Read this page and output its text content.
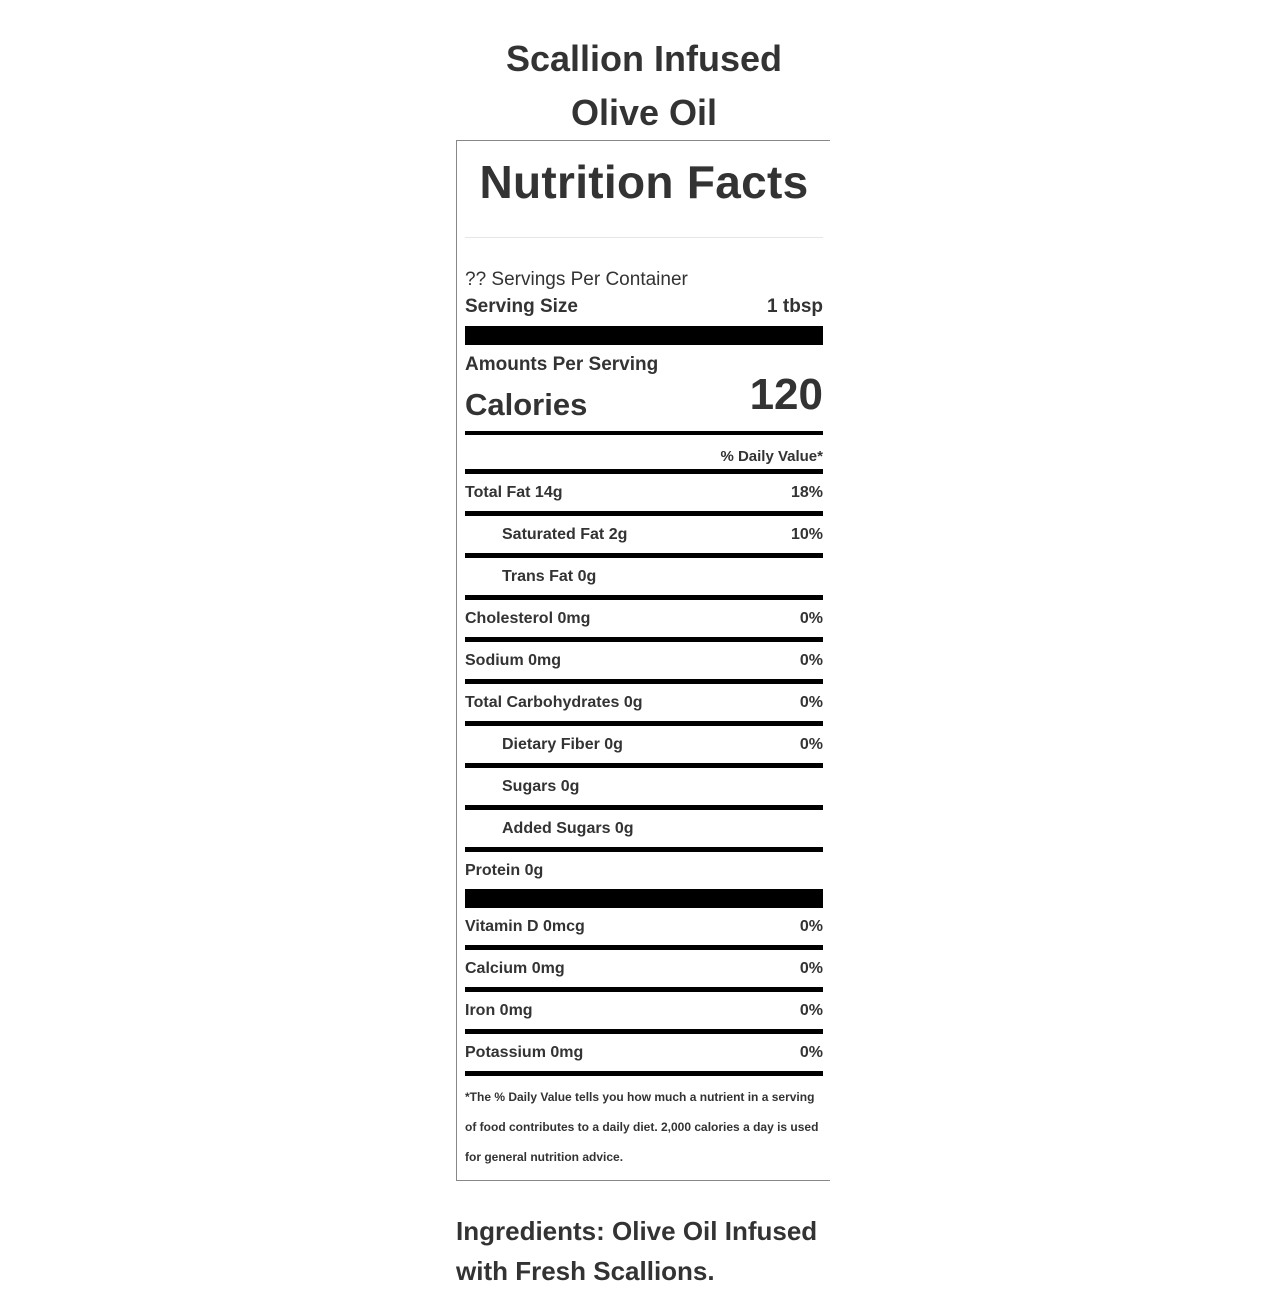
Scallion Infused Olive Oil
Nutrition Facts
?? Servings Per Container
Serving Size	1 tbsp
Amounts Per Serving
Calories	120
% Daily Value*
Total Fat 14g	18%
Saturated Fat 2g	10%
Trans Fat 0g
Cholesterol 0mg	0%
Sodium 0mg	0%
Total Carbohydrates 0g	0%
Dietary Fiber 0g	0%
Sugars 0g
Added Sugars 0g
Protein 0g
Vitamin D 0mcg	0%
Calcium 0mg	0%
Iron 0mg	0%
Potassium 0mg	0%
*The % Daily Value tells you how much a nutrient in a serving of food contributes to a daily diet. 2,000 calories a day is used for general nutrition advice.
Ingredients: Olive Oil Infused with Fresh Scallions.
